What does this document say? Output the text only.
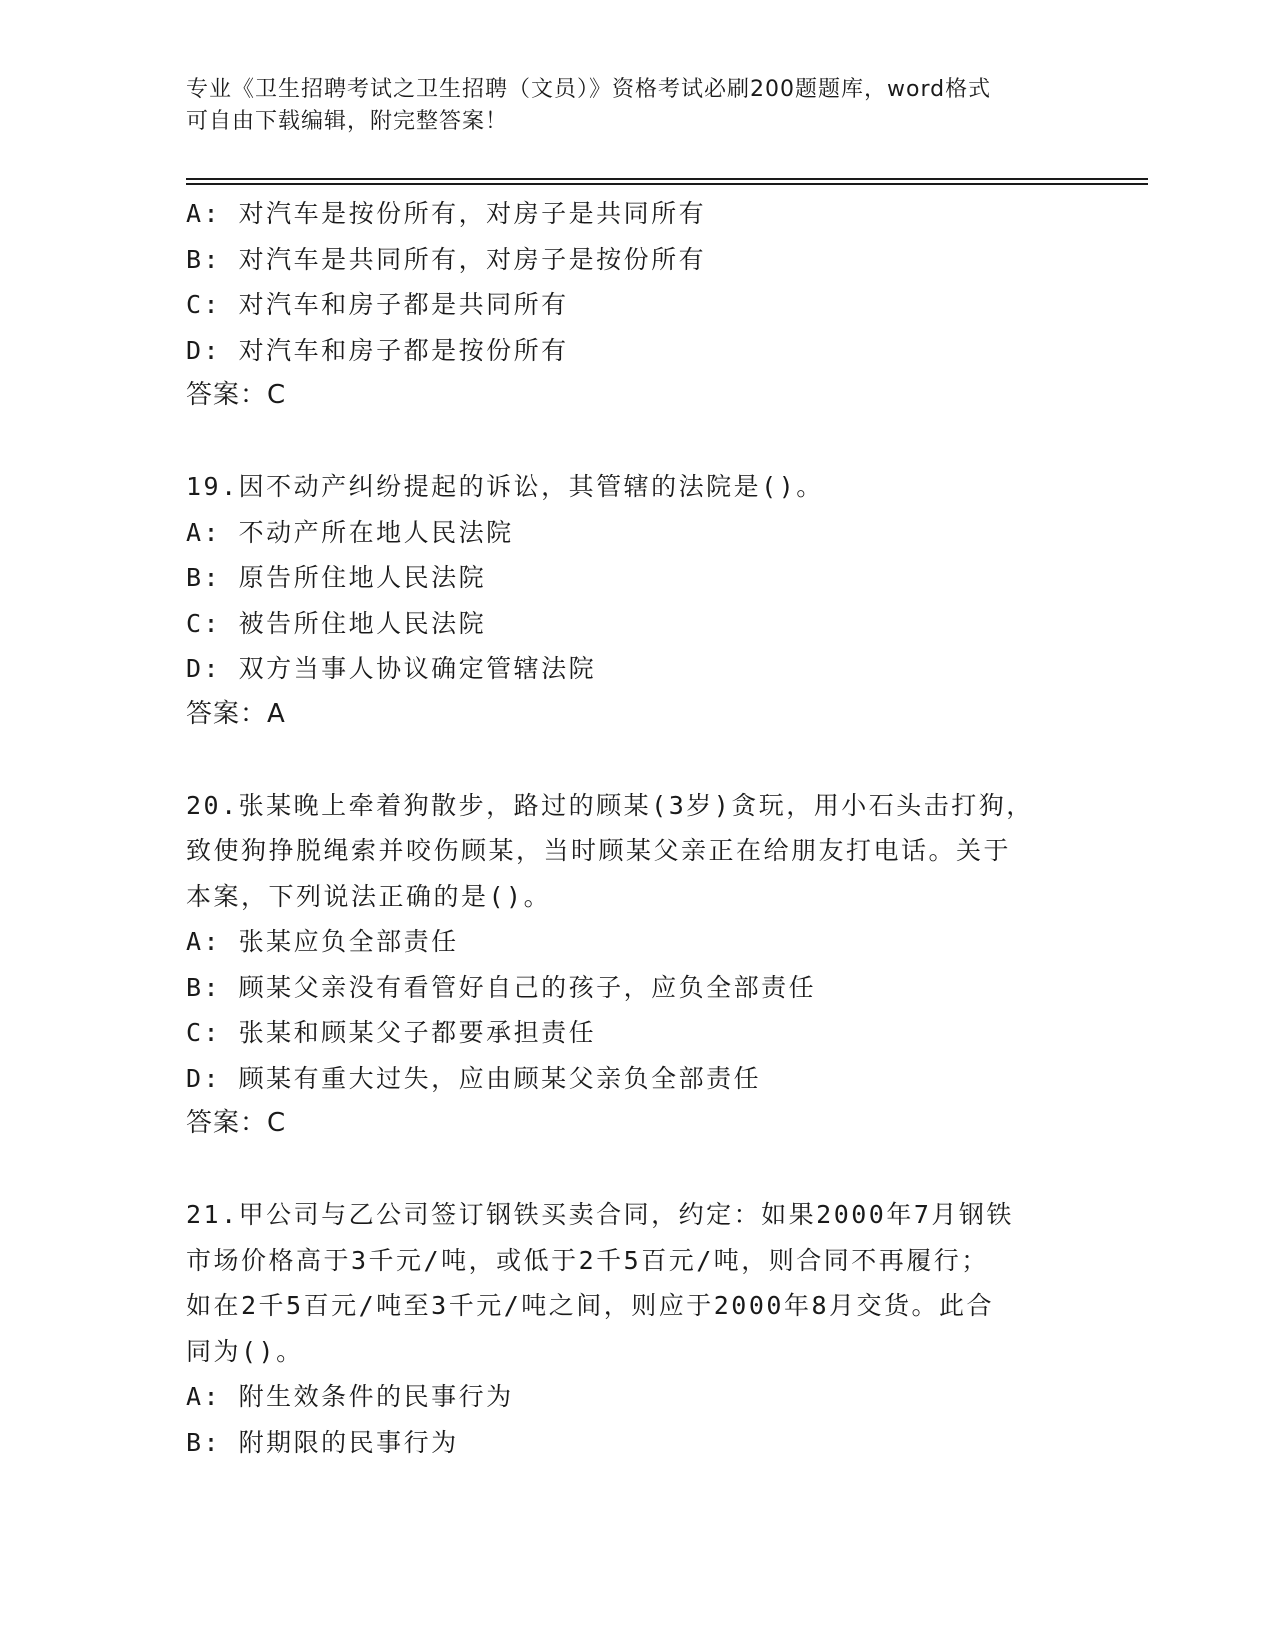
专业《卫生招聘考试之卫生招聘（文员）》资格考试必刷200题题库，word格式
可自由下载编辑，附完整答案！
A: 对汽车是按份所有，对房子是共同所有
B: 对汽车是共同所有，对房子是按份所有
C: 对汽车和房子都是共同所有
D: 对汽车和房子都是按份所有
答案：C
19.因不动产纠纷提起的诉讼，其管辖的法院是()。
A: 不动产所在地人民法院
B: 原告所住地人民法院
C: 被告所住地人民法院
D: 双方当事人协议确定管辖法院
答案：A
20.张某晚上牵着狗散步，路过的顾某(3岁)贪玩，用小石头击打狗，
致使狗挣脱绳索并咬伤顾某，当时顾某父亲正在给朋友打电话。关于
本案，下列说法正确的是()。
A: 张某应负全部责任
B: 顾某父亲没有看管好自己的孩子，应负全部责任
C: 张某和顾某父子都要承担责任
D: 顾某有重大过失，应由顾某父亲负全部责任
答案：C
21.甲公司与乙公司签订钢铁买卖合同，约定：如果2000年7月钢铁
市场价格高于3千元/吨，或低于2千5百元/吨，则合同不再履行；
如在2千5百元/吨至3千元/吨之间，则应于2000年8月交货。此合
同为()。
A: 附生效条件的民事行为
B: 附期限的民事行为
